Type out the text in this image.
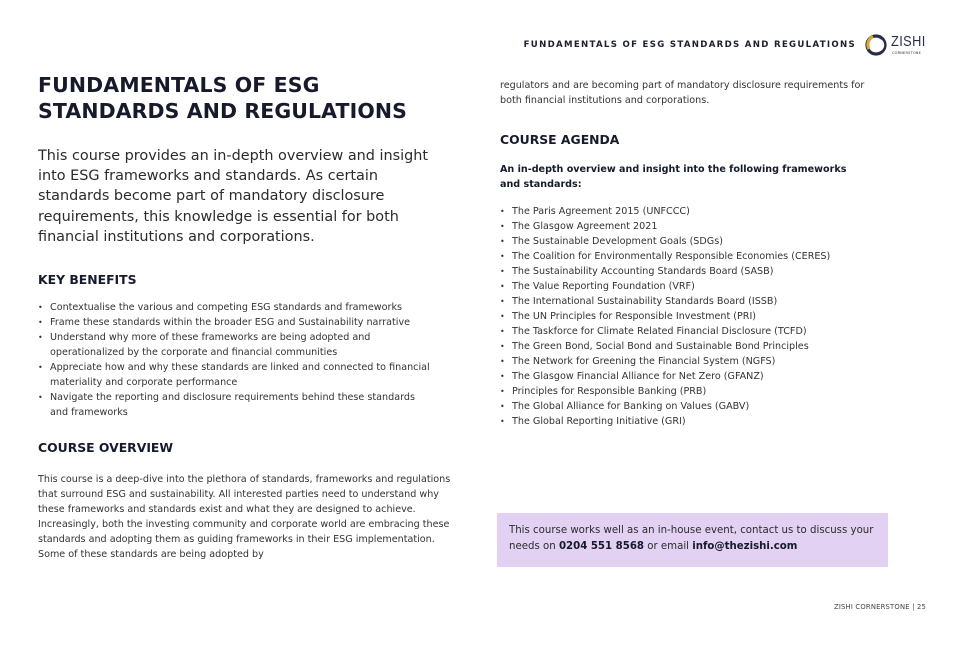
FUNDAMENTALS OF ESG STANDARDS AND REGULATIONS ZISHI
CORNERSTONE
FUNDAMENTALS OF ESG STANDARDS AND REGULATIONS

This course provides an in-depth overview and insight into ESG frameworks and standards. As certain standards become part of mandatory disclosure requirements, this knowledge is essential for both financial institutions and corporations.

KEY BENEFITS
• Contextualise the various and competing ESG standards and frameworks
• Frame these standards within the broader ESG and Sustainability narrative
• Understand why more of these frameworks are being adopted and operationalized by the corporate and financial communities
• Appreciate how and why these standards are linked and connected to financial materiality and corporate performance
• Navigate the reporting and disclosure requirements behind these standards and frameworks
COURSE OVERVIEW

This course is a deep-dive into the plethora of standards, frameworks and regulations that surround ESG and sustainability. All interested parties need to understand why these frameworks and standards exist and what they are designed to achieve. Increasingly, both the investing community and corporate world are embracing these standards and adopting them as guiding frameworks in their ESG implementation. Some of these standards are being adopted by

regulators and are becoming part of mandatory disclosure requirements for both financial institutions and corporations.

COURSE AGENDA

An in-depth overview and insight into the following frameworks and standards:

• The Paris Agreement 2015 (UNFCCC)
• The Glasgow Agreement 2021
• The Sustainable Development Goals (SDGs)
• The Coalition for Environmentally Responsible Economies (CERES)
• The Sustainability Accounting Standards Board (SASB)
• The Value Reporting Foundation (VRF)
• The International Sustainability Standards Board (ISSB)
• The UN Principles for Responsible Investment (PRI)
• The Taskforce for Climate Related Financial Disclosure (TCFD)
• The Green Bond, Social Bond and Sustainable Bond Principles
• The Network for Greening the Financial System (NGFS)
• The Glasgow Financial Alliance for Net Zero (GFANZ)
• Principles for Responsible Banking (PRB)
• The Global Alliance for Banking on Values (GABV)
• The Global Reporting Initiative (GRI)
This course works well as an in-house event, contact us to discuss your needs on 0204 551 8568 or email info@thezishi.com
ZISHI CORNERSTONE | 25
